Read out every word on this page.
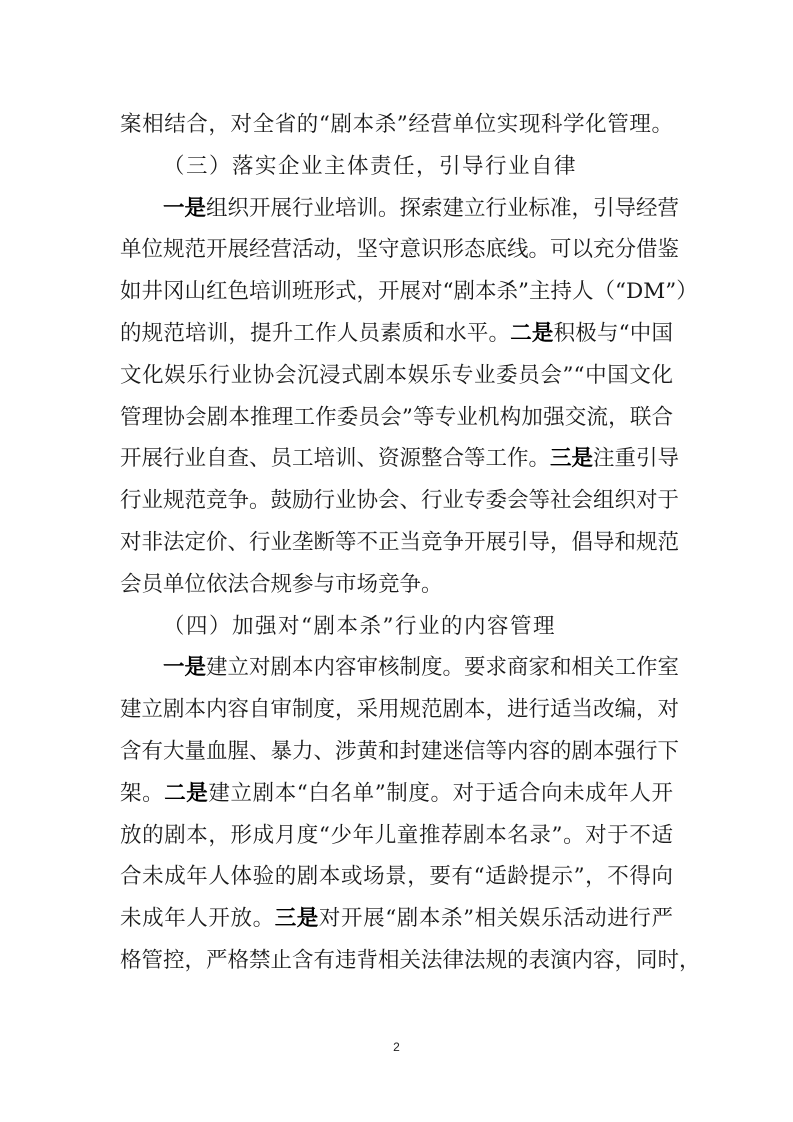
案相结合，对全省的“剧本杀”经营单位实现科学化管理。
（三）落实企业主体责任，引导行业自律
一是组织开展行业培训。探索建立行业标准，引导经营
单位规范开展经营活动，坚守意识形态底线。可以充分借鉴
如井冈山红色培训班形式，开展对“剧本杀”主持人（“DM”）
的规范培训，提升工作人员素质和水平。二是积极与“中国
文化娱乐行业协会沉浸式剧本娱乐专业委员会”“中国文化
管理协会剧本推理工作委员会”等专业机构加强交流，联合
开展行业自查、员工培训、资源整合等工作。三是注重引导
行业规范竞争。鼓励行业协会、行业专委会等社会组织对于
对非法定价、行业垄断等不正当竞争开展引导，倡导和规范
会员单位依法合规参与市场竞争。
（四）加强对“剧本杀”行业的内容管理
一是建立对剧本内容审核制度。要求商家和相关工作室
建立剧本内容自审制度，采用规范剧本，进行适当改编，对
含有大量血腥、暴力、涉黄和封建迷信等内容的剧本强行下
架。二是建立剧本“白名单”制度。对于适合向未成年人开
放的剧本，形成月度“少年儿童推荐剧本名录”。对于不适
合未成年人体验的剧本或场景，要有“适龄提示”，不得向
未成年人开放。三是对开展“剧本杀”相关娱乐活动进行严
格管控，严格禁止含有违背相关法律法规的表演内容，同时，
2
